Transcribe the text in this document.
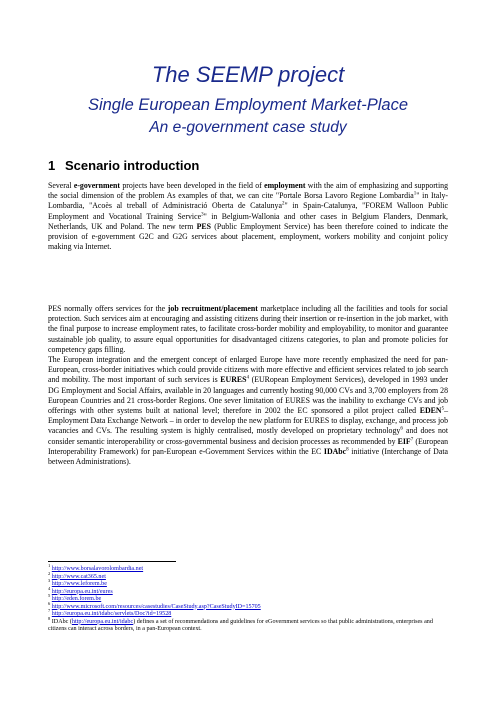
The SEEMP project
Single European Employment Market-Place
An e-government case study
1 Scenario introduction
Several e-government projects have been developed in the field of employment with the aim of emphasizing and supporting the social dimension of the problem As examples of that, we can cite "Portale Borsa Lavoro Regione Lombardia$^1$" in Italy-Lombardia, "Acoès al treball of Administració Oberta de Catalunya$^2$" in Spain-Catalunya, "FOREM Walloon Public Employment and Vocational Training Service$^3$" in Belgium-Wallonia and other cases in Belgium Flanders, Denmark, Netherlands, UK and Poland. The new term PES (Public Employment Service) has been therefore coined to indicate the provision of e-government G2C and G2G services about placement, employment, workers mobility and conjoint policy making via Internet.

PES normally offers services for the job recruitment/placement marketplace including all the facilities and tools for social protection. Such services aim at encouraging and assisting citizens during their insertion or re-insertion in the job market, with the final purpose to increase employment rates, to facilitate cross-border mobility and employability, to monitor and guarantee sustainable job quality, to assure equal opportunities for disadvantaged citizens categories, to plan and promote policies for competency gaps filling.

The European integration and the emergent concept of enlarged Europe have more recently emphasized the need for pan-European, cross-border initiatives which could provide citizens with more effective and efficient services related to job search and mobility. The most important of such services is EURES$^4$ (EURopean Employment Services), developed in 1993 under DG Employment and Social Affairs, available in 20 languages and currently hosting 90,000 CVs and 3,700 employers from 28 European Countries and 21 cross-border Regions. One sever limitation of EURES was the inability to exchange CVs and job offerings with other systems built at national level; therefore in 2002 the EC sponsored a pilot project called EDEN$^5$– Employment Data Exchange Network – in order to develop the new platform for EURES to display, exchange, and process job vacancies and CVs. The resulting system is highly centralised, mostly developed on proprietary technology$^6$ and does not consider semantic interoperability or cross-governmental business and decision processes as recommended by EIF$^7$ (European Interoperability Framework) for pan-European e-Government Services within the EC IDAbc$^8$ initiative (Interchange of Data between Administrations).

$^1$ http://www.borsalavorolombardia.net
$^2$ http://www.cat365.net
$^3$ http://www.leforem.be
$^4$ http://europa.eu.int/eures
$^5$ http://eden.forem.be
$^6$ http://www.microsoft.com/resources/casestudies/CaseStudy.asp?CaseStudyID=15705
$^7$ http://europa.eu.int/idabc/servlets/Doc?id=19528
$^8$ IDAbc (http://europa.eu.int/idabc) defines a set of recommendations and guidelines for eGovernment services so that public administrations, enterprises and citizens can interact across borders, in a pan-European context.
